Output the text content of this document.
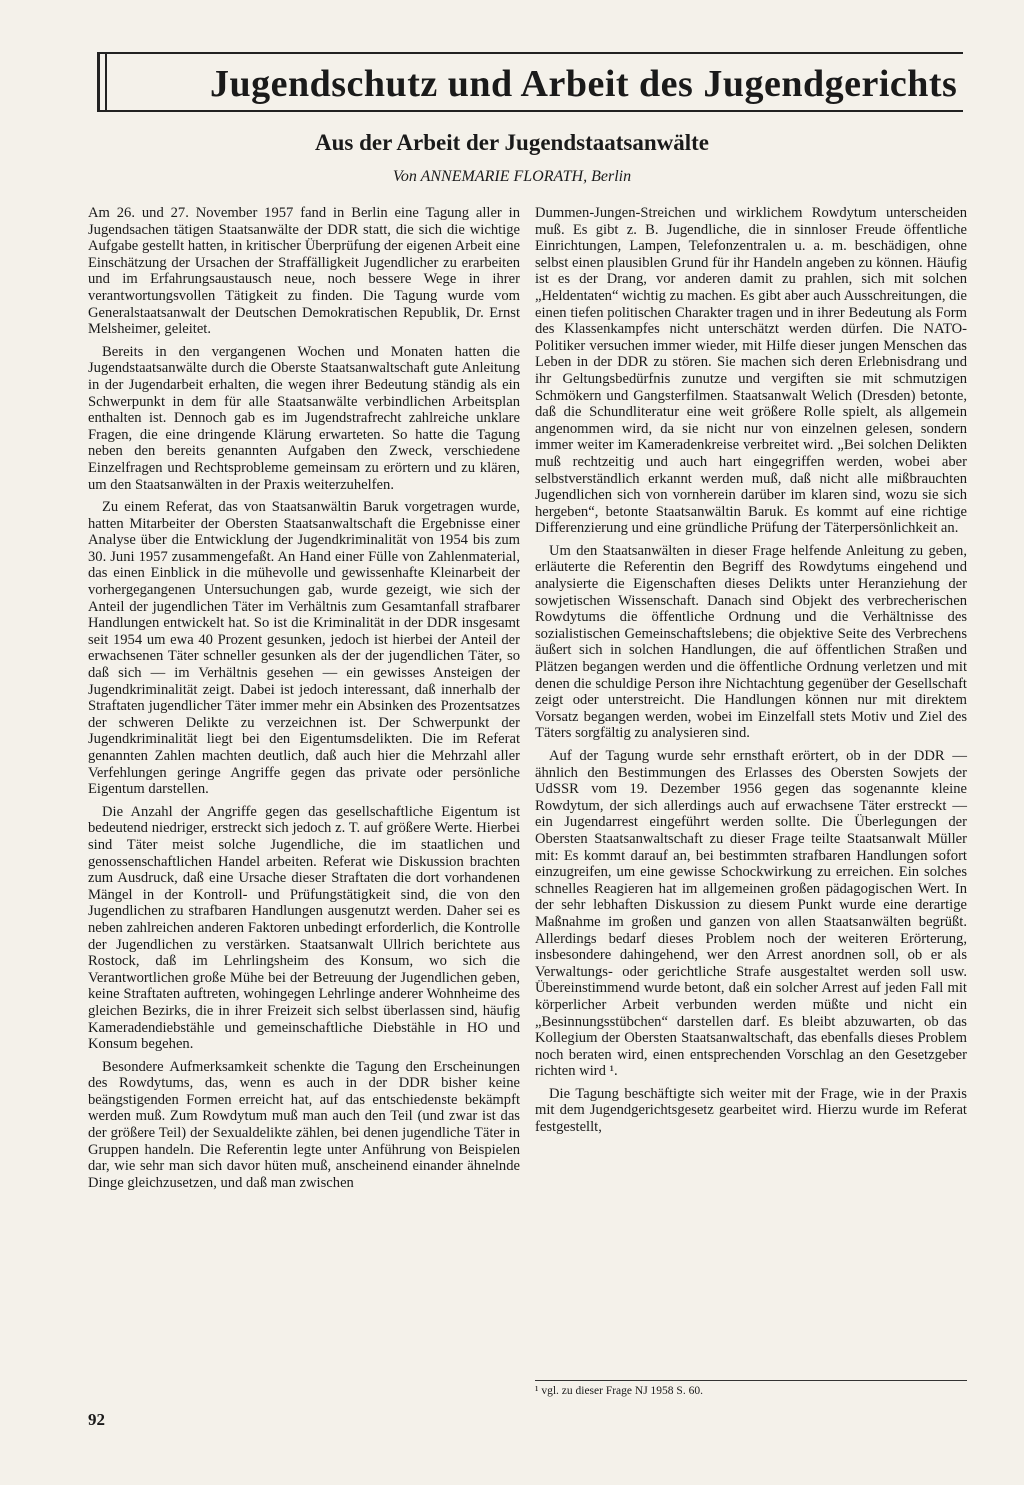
Jugendschutz und Arbeit des Jugendgerichts
Aus der Arbeit der Jugendstaatsanwälte
Von ANNEMARIE FLORATH, Berlin

Am 26. und 27. November 1957 fand in Berlin eine Tagung aller in Jugendsachen tätigen Staatsanwälte der DDR statt, die sich die wichtige Aufgabe gestellt hatten, in kritischer Überprüfung der eigenen Arbeit eine Einschätzung der Ursachen der Straffälligkeit Jugendlicher zu erarbeiten und im Erfahrungsaustausch neue, noch bessere Wege in ihrer verantwortungsvollen Tätigkeit zu finden. Die Tagung wurde vom Generalstaatsanwalt der Deutschen Demokratischen Republik, Dr. Ernst Melsheimer, geleitet.

Bereits in den vergangenen Wochen und Monaten hatten die Jugendstaatsanwälte durch die Oberste Staatsanwaltschaft gute Anleitung in der Jugendarbeit erhalten, die wegen ihrer Bedeutung ständig als ein Schwerpunkt in dem für alle Staatsanwälte verbindlichen Arbeitsplan enthalten ist. Dennoch gab es im Jugendstrafrecht zahlreiche unklare Fragen, die eine dringende Klärung erwarteten. So hatte die Tagung neben den bereits genannten Aufgaben den Zweck, verschiedene Einzelfragen und Rechtsprobleme gemeinsam zu erörtern und zu klären, um den Staatsanwälten in der Praxis weiterzuhelfen.

Zu einem Referat, das von Staatsanwältin Baruk vorgetragen wurde, hatten Mitarbeiter der Obersten Staatsanwaltschaft die Ergebnisse einer Analyse über die Entwicklung der Jugendkriminalität von 1954 bis zum 30. Juni 1957 zusammengefaßt. An Hand einer Fülle von Zahlenmaterial, das einen Einblick in die mühevolle und gewissenhafte Kleinarbeit der vorhergegangenen Untersuchungen gab, wurde gezeigt, wie sich der Anteil der jugendlichen Täter im Verhältnis zum Gesamtanfall strafbarer Handlungen entwickelt hat. So ist die Kriminalität in der DDR insgesamt seit 1954 um ewa 40 Prozent gesunken, jedoch ist hierbei der Anteil der erwachsenen Täter schneller gesunken als der der jugendlichen Täter, so daß sich — im Verhältnis gesehen — ein gewisses Ansteigen der Jugendkriminalität zeigt. Dabei ist jedoch interessant, daß innerhalb der Straftaten jugendlicher Täter immer mehr ein Absinken des Prozentsatzes der schweren Delikte zu verzeichnen ist. Der Schwerpunkt der Jugendkriminalität liegt bei den Eigentumsdelikten. Die im Referat genannten Zahlen machten deutlich, daß auch hier die Mehrzahl aller Verfehlungen geringe Angriffe gegen das private oder persönliche Eigentum darstellen.

Die Anzahl der Angriffe gegen das gesellschaftliche Eigentum ist bedeutend niedriger, erstreckt sich jedoch z. T. auf größere Werte. Hierbei sind Täter meist solche Jugendliche, die im staatlichen und genossenschaftlichen Handel arbeiten. Referat wie Diskussion brachten zum Ausdruck, daß eine Ursache dieser Straftaten die dort vorhandenen Mängel in der Kontroll- und Prüfungstätigkeit sind, die von den Jugendlichen zu strafbaren Handlungen ausgenutzt werden. Daher sei es neben zahlreichen anderen Faktoren unbedingt erforderlich, die Kontrolle der Jugendlichen zu verstärken. Staatsanwalt Ullrich berichtete aus Rostock, daß im Lehrlingsheim des Konsum, wo sich die Verantwortlichen große Mühe bei der Betreuung der Jugendlichen geben, keine Straftaten auftreten, wohingegen Lehrlinge anderer Wohnheime des gleichen Bezirks, die in ihrer Freizeit sich selbst überlassen sind, häufig Kameradendiebstähle und gemeinschaftliche Diebstähle in HO und Konsum begehen.

Besondere Aufmerksamkeit schenkte die Tagung den Erscheinungen des Rowdytums, das, wenn es auch in der DDR bisher keine beängstigenden Formen erreicht hat, auf das entschiedenste bekämpft werden muß. Zum Rowdytum muß man auch den Teil (und zwar ist das der größere Teil) der Sexualdelikte zählen, bei denen jugendliche Täter in Gruppen handeln. Die Referentin legte unter Anführung von Beispielen dar, wie sehr man sich davor hüten muß, anscheinend einander ähnelnde Dinge gleichzusetzen, und daß man zwischen

Dummen-Jungen-Streichen und wirklichem Rowdytum unterscheiden muß. Es gibt z. B. Jugendliche, die in sinnloser Freude öffentliche Einrichtungen, Lampen, Telefonzentralen u. a. m. beschädigen, ohne selbst einen plausiblen Grund für ihr Handeln angeben zu können. Häufig ist es der Drang, vor anderen damit zu prahlen, sich mit solchen „Heldentaten“ wichtig zu machen. Es gibt aber auch Ausschreitungen, die einen tiefen politischen Charakter tragen und in ihrer Bedeutung als Form des Klassenkampfes nicht unterschätzt werden dürfen. Die NATO-Politiker versuchen immer wieder, mit Hilfe dieser jungen Menschen das Leben in der DDR zu stören. Sie machen sich deren Erlebnisdrang und ihr Geltungsbedürfnis zunutze und vergiften sie mit schmutzigen Schmökern und Gangsterfilmen. Staatsanwalt Welich (Dresden) betonte, daß die Schundliteratur eine weit größere Rolle spielt, als allgemein angenommen wird, da sie nicht nur von einzelnen gelesen, sondern immer weiter im Kameradenkreise verbreitet wird. „Bei solchen Delikten muß rechtzeitig und auch hart eingegriffen werden, wobei aber selbstverständlich erkannt werden muß, daß nicht alle mißbrauchten Jugendlichen sich von vornherein darüber im klaren sind, wozu sie sich hergeben“, betonte Staatsanwältin Baruk. Es kommt auf eine richtige Differenzierung und eine gründliche Prüfung der Täterpersönlichkeit an.

Um den Staatsanwälten in dieser Frage helfende Anleitung zu geben, erläuterte die Referentin den Begriff des Rowdytums eingehend und analysierte die Eigenschaften dieses Delikts unter Heranziehung der sowjetischen Wissenschaft. Danach sind Objekt des verbrecherischen Rowdytums die öffentliche Ordnung und die Verhältnisse des sozialistischen Gemeinschaftslebens; die objektive Seite des Verbrechens äußert sich in solchen Handlungen, die auf öffentlichen Straßen und Plätzen begangen werden und die öffentliche Ordnung verletzen und mit denen die schuldige Person ihre Nichtachtung gegenüber der Gesellschaft zeigt oder unterstreicht. Die Handlungen können nur mit direktem Vorsatz begangen werden, wobei im Einzelfall stets Motiv und Ziel des Täters sorgfältig zu analysieren sind.

Auf der Tagung wurde sehr ernsthaft erörtert, ob in der DDR — ähnlich den Bestimmungen des Erlasses des Obersten Sowjets der UdSSR vom 19. Dezember 1956 gegen das sogenannte kleine Rowdytum, der sich allerdings auch auf erwachsene Täter erstreckt — ein Jugendarrest eingeführt werden sollte. Die Überlegungen der Obersten Staatsanwaltschaft zu dieser Frage teilte Staatsanwalt Müller mit: Es kommt darauf an, bei bestimmten strafbaren Handlungen sofort einzugreifen, um eine gewisse Schockwirkung zu erreichen. Ein solches schnelles Reagieren hat im allgemeinen großen pädagogischen Wert. In der sehr lebhaften Diskussion zu diesem Punkt wurde eine derartige Maßnahme im großen und ganzen von allen Staatsanwälten begrüßt. Allerdings bedarf dieses Problem noch der weiteren Erörterung, insbesondere dahingehend, wer den Arrest anordnen soll, ob er als Verwaltungs- oder gerichtliche Strafe ausgestaltet werden soll usw. Übereinstimmend wurde betont, daß ein solcher Arrest auf jeden Fall mit körperlicher Arbeit verbunden werden müßte und nicht ein „Besinnungsstübchen“ darstellen darf. Es bleibt abzuwarten, ob das Kollegium der Obersten Staatsanwaltschaft, das ebenfalls dieses Problem noch beraten wird, einen entsprechenden Vorschlag an den Gesetzgeber richten wird ¹.

Die Tagung beschäftigte sich weiter mit der Frage, wie in der Praxis mit dem Jugendgerichtsgesetz gearbeitet wird. Hierzu wurde im Referat festgestellt,

¹ vgl. zu dieser Frage NJ 1958 S. 60.
92
